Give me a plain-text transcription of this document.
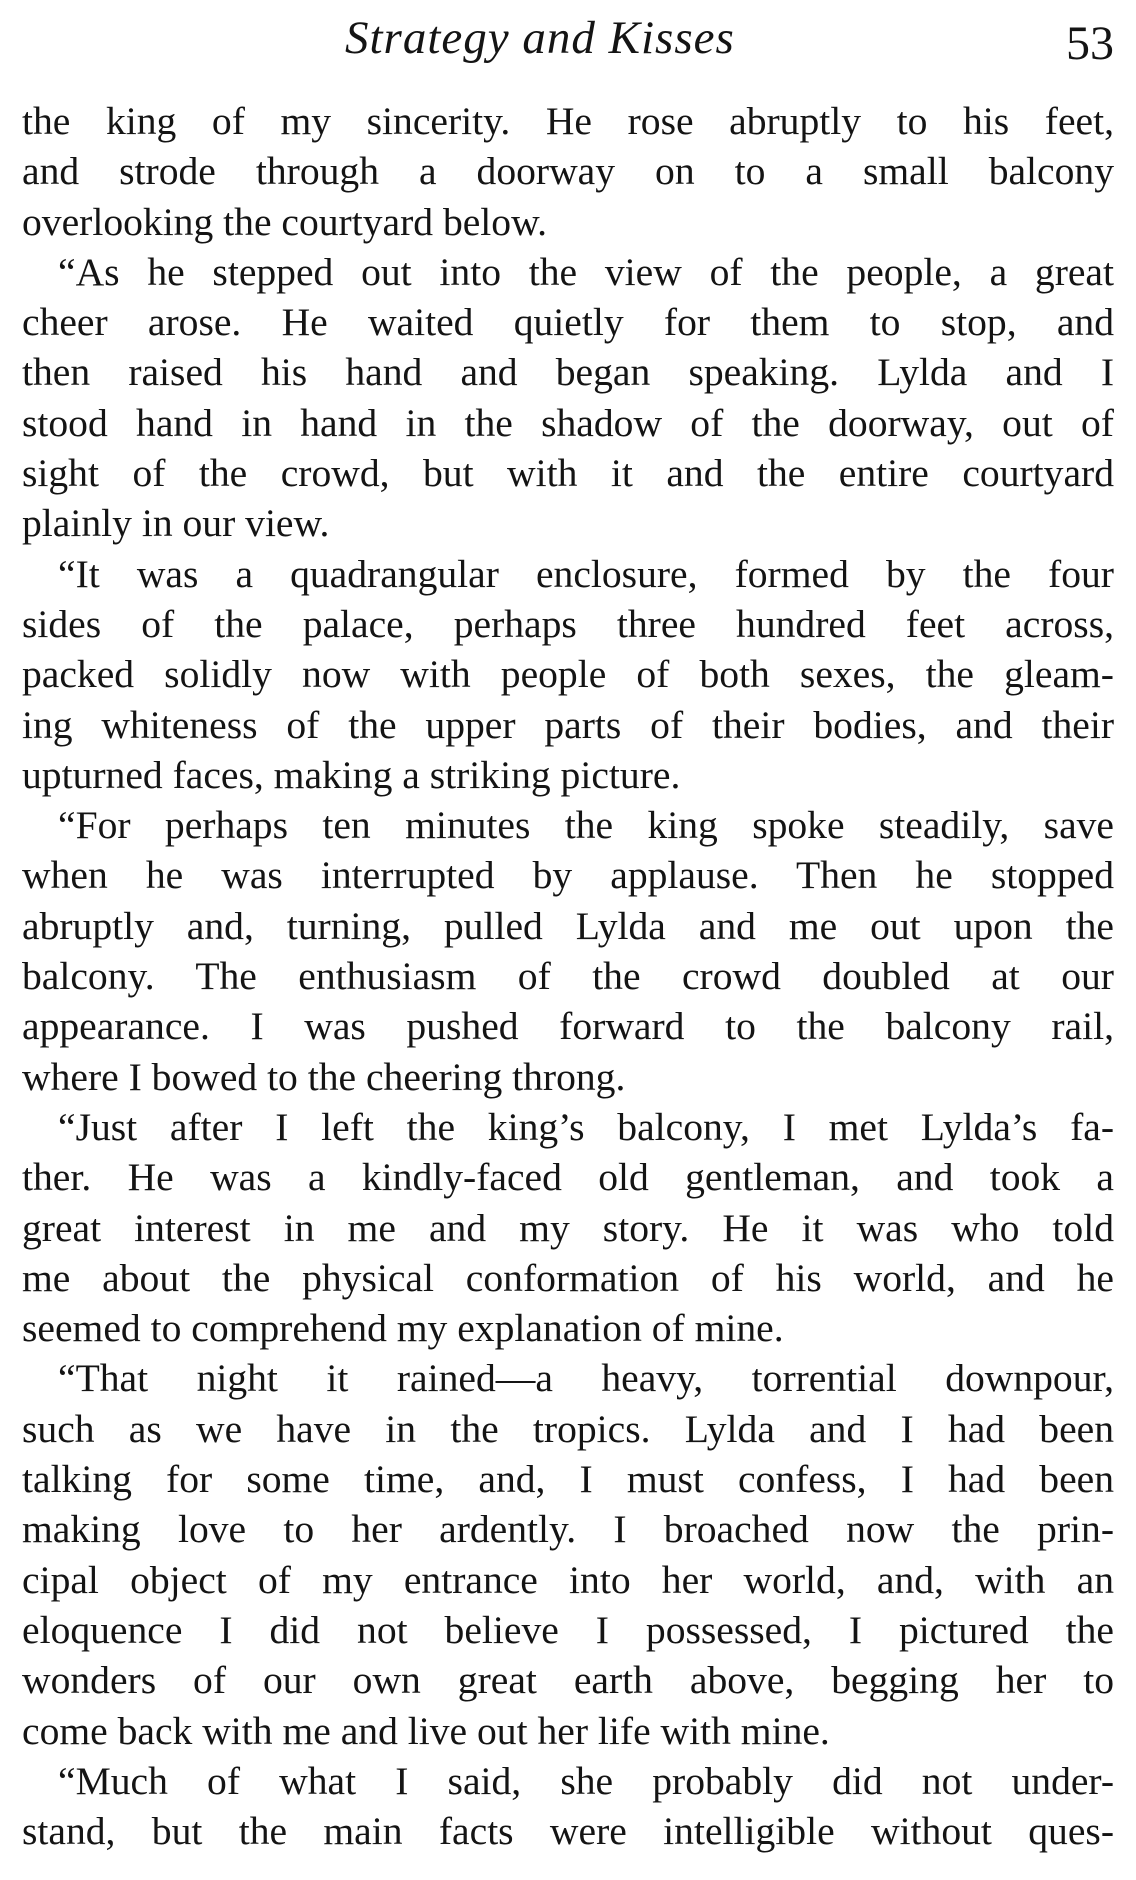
Strategy and Kisses	53

the king of my sincerity. He rose abruptly to his feet,
and strode through a doorway on to a small balcony
overlooking the courtyard below.

“As he stepped out into the view of the people, a great
cheer arose. He waited quietly for them to stop, and
then raised his hand and began speaking. Lylda and I
stood hand in hand in the shadow of the doorway, out of
sight of the crowd, but with it and the entire courtyard
plainly in our view.

“It was a quadrangular enclosure, formed by the four
sides of the palace, perhaps three hundred feet across,
packed solidly now with people of both sexes, the gleam-
ing whiteness of the upper parts of their bodies, and their
upturned faces, making a striking picture.

“For perhaps ten minutes the king spoke steadily, save
when he was interrupted by applause. Then he stopped
abruptly and, turning, pulled Lylda and me out upon the
balcony. The enthusiasm of the crowd doubled at our
appearance. I was pushed forward to the balcony rail,
where I bowed to the cheering throng.

“Just after I left the king’s balcony, I met Lylda’s fa-
ther. He was a kindly-faced old gentleman, and took a
great interest in me and my story. He it was who told
me about the physical conformation of his world, and he
seemed to comprehend my explanation of mine.

“That night it rained—a heavy, torrential downpour,
such as we have in the tropics. Lylda and I had been
talking for some time, and, I must confess, I had been
making love to her ardently. I broached now the prin-
cipal object of my entrance into her world, and, with an
eloquence I did not believe I possessed, I pictured the
wonders of our own great earth above, begging her to
come back with me and live out her life with mine.

“Much of what I said, she probably did not under-
stand, but the main facts were intelligible without ques-
